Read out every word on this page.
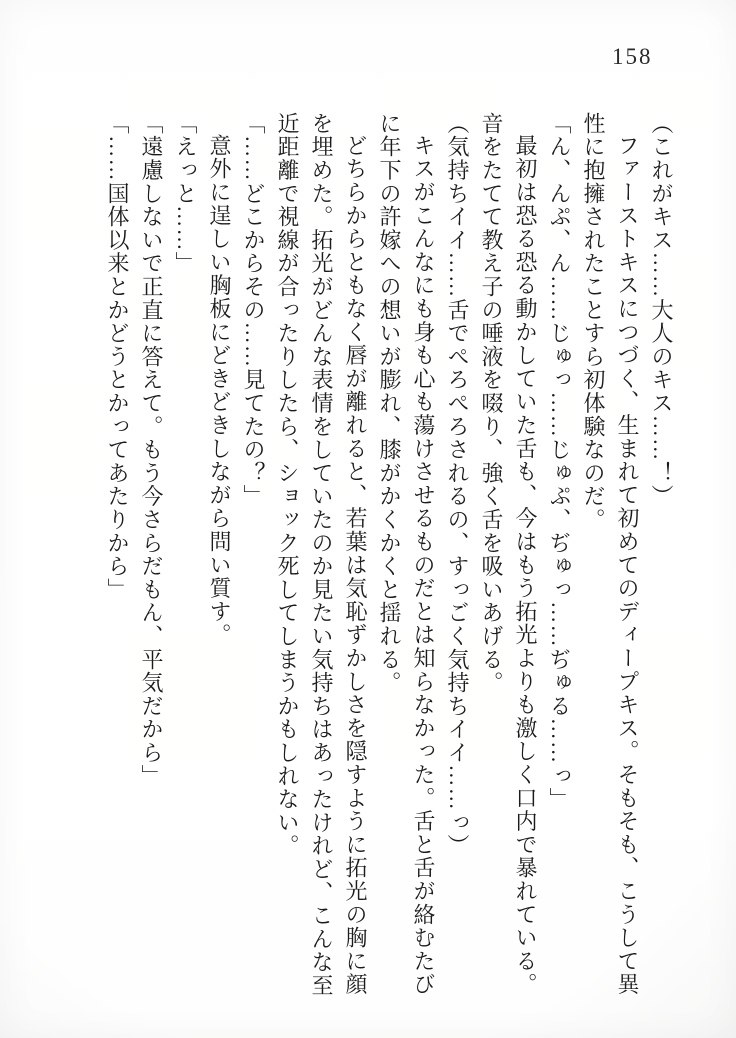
158

（これがキス……大人のキス……！）

ファーストキスにつづく、生まれて初めてのディープキス。そもそも、こうして異

性に抱擁されたことすら初体験なのだ。

「ん、んぷ、ん……じゅっ……じゅぷ、ぢゅっ……ぢゅる……っ」

最初は恐る恐る動かしていた舌も、今はもう拓光よりも激しく口内で暴れている。

音をたてて教え子の唾液を啜り、強く舌を吸いあげる。

（気持ちイイ……舌でぺろぺろされるの、すっごく気持ちイイ……っ）

キスがこんなにも身も心も蕩けさせるものだとは知らなかった。舌と舌が絡むたび

に年下の許嫁への想いが膨れ、膝がかくかくと揺れる。

どちらからともなく唇が離れると、若葉は気恥ずかしさを隠すように拓光の胸に顔

を埋めた。拓光がどんな表情をしていたのか見たい気持ちはあったけれど、こんな至

近距離で視線が合ったりしたら、ショック死してしまうかもしれない。

「……どこからその……見てたの？」

意外に逞しい胸板にどきどきしながら問い質す。

「えっと……」

「遠慮しないで正直に答えて。もう今さらだもん、平気だから」

「……国体以来とかどうとかってあたりから」
